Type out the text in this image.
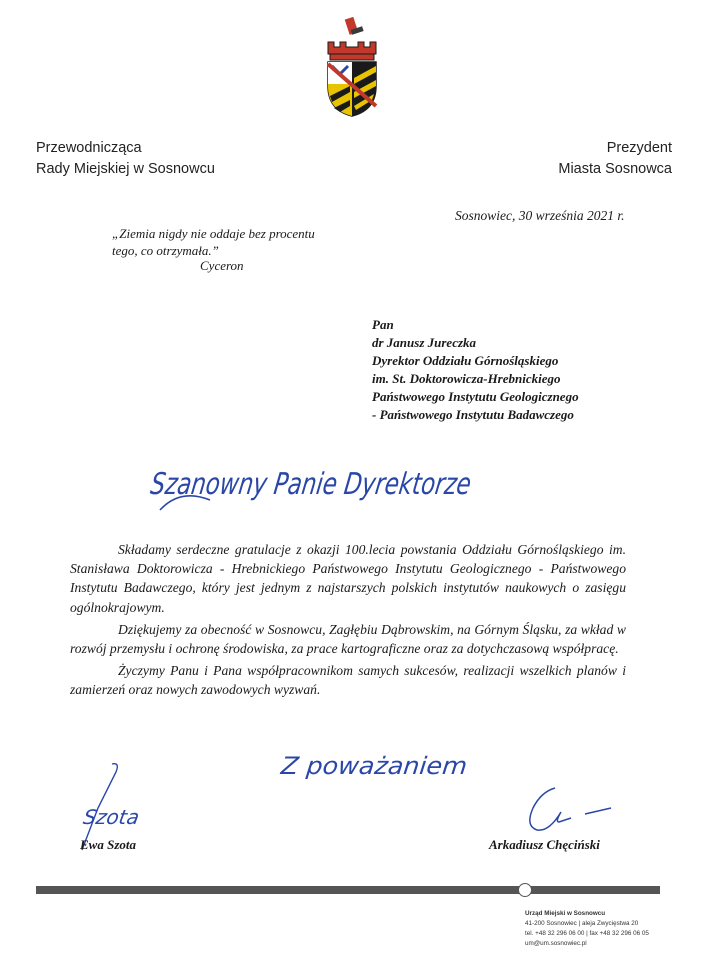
Przewodnicząca
Rady Miejskiej w Sosnowcu
Prezydent
Miasta Sosnowca
Sosnowiec, 30 września 2021 r.
„Ziemia nigdy nie oddaje bez procentu
tego, co otrzymała.”
Cyceron
Pan
dr Janusz Jureczka
Dyrektor Oddziału Górnośląskiego
im. St. Doktorowicza-Hrebnickiego
Państwowego Instytutu Geologicznego
- Państwowego Instytutu Badawczego
Szanowny Panie Dyrektorze

Składamy serdeczne gratulacje z okazji 100.lecia powstania Oddziału Górnośląskiego im. Stanisława Doktorowicza - Hrebnickiego Państwowego Instytutu Geologicznego - Państwowego Instytutu Badawczego, który jest jednym z najstarszych polskich instytutów naukowych o zasięgu ogólnokrajowym.

Dziękujemy za obecność w Sosnowcu, Zagłębiu Dąbrowskim, na Górnym Śląsku, za wkład w rozwój przemysłu i ochronę środowiska, za prace kartograficzne oraz za dotychczasową współpracę.

Życzymy Panu i Pana współpracownikom samych sukcesów, realizacji wszelkich planów i zamierzeń oraz nowych zawodowych wyzwań.

Z poważaniem
Szota
Ewa Szota	Arkadiusz Chęciński
Urząd Miejski w Sosnowcu
41-200 Sosnowiec | aleja Zwycięstwa 20
tel. +48 32 296 06 00 | fax +48 32 296 06 05
um@um.sosnowiec.pl
